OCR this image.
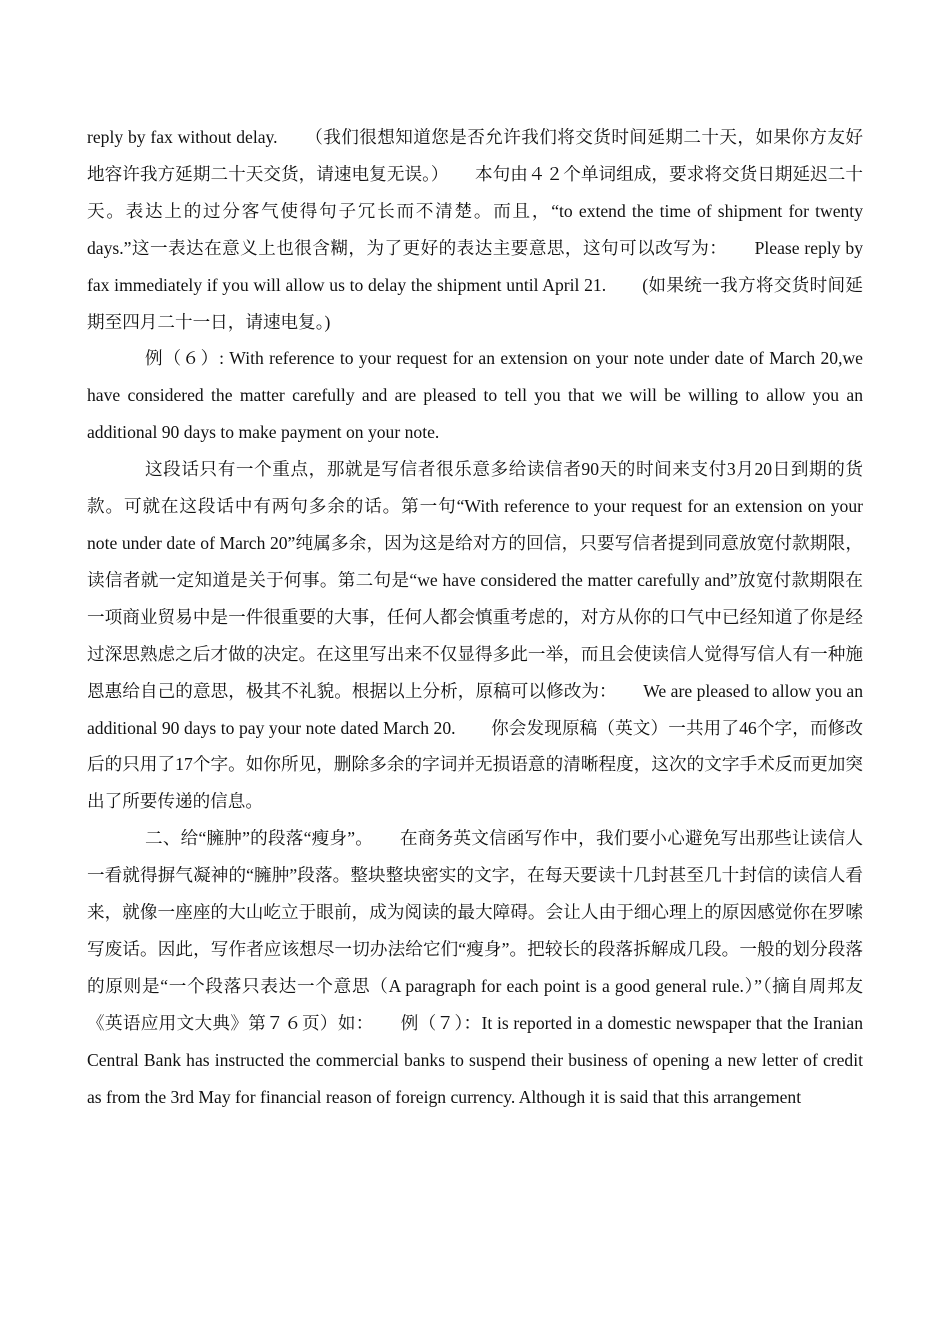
reply by fax without delay.　　（我们很想知道您是否允许我们将交货时间延期二十天，如果你方友好地容许我方延期二十天交货，请速电复无误。）　　本句由４２个单词组成，要求将交货日期延迟二十天。表达上的过分客气使得句子冗长而不清楚。而且，“to extend the time of shipment for twenty days.”这一表达在意义上也很含糊，为了更好的表达主要意思，这句可以改写为：　　Please reply by fax immediately if you will allow us to delay the shipment until April 21.　　(如果统一我方将交货时间延期至四月二十一日，请速电复。)

例（６）: With reference to your request for an extension on your note under date of March 20,we have considered the matter carefully and are pleased to tell you that we will be willing to allow you an additional 90 days to make payment on your note.

这段话只有一个重点，那就是写信者很乐意多给读信者90天的时间来支付3月20日到期的货款。可就在这段话中有两句多余的话。第一句“With reference to your request for an extension on your note under date of March 20”纯属多余，因为这是给对方的回信，只要写信者提到同意放宽付款期限，读信者就一定知道是关于何事。第二句是“we have considered the matter carefully and”放宽付款期限在一项商业贸易中是一件很重要的大事，任何人都会慎重考虑的，对方从你的口气中已经知道了你是经过深思熟虑之后才做的决定。在这里写出来不仅显得多此一举，而且会使读信人觉得写信人有一种施恩惠给自己的意思，极其不礼貌。根据以上分析，原稿可以修改为：　　We are pleased to allow you an additional 90 days to pay your note dated March 20.　　你会发现原稿（英文）一共用了46个字，而修改后的只用了17个字。如你所见，删除多余的字词并无损语意的清晰程度，这次的文字手术反而更加突出了所要传递的信息。

二、给“臃肿”的段落“瘦身”。　　在商务英文信函写作中，我们要小心避免写出那些让读信人一看就得摒气凝神的“臃肿”段落。整块整块密实的文字，在每天要读十几封甚至几十封信的读信人看来，就像一座座的大山屹立于眼前，成为阅读的最大障碍。会让人由于细心理上的原因感觉你在罗嗦写废话。因此，写作者应该想尽一切办法给它们“瘦身”。把较长的段落拆解成几段。一般的划分段落的原则是“一个段落只表达一个意思（A paragraph for each point is a good general rule.）”（摘自周邦友《英语应用文大典》第７６页）如：　　例（７）：It is reported in a domestic newspaper that the Iranian Central Bank has instructed the commercial banks to suspend their business of opening a new letter of credit as from the 3rd May for financial reason of foreign currency. Although it is said that this arrangement
